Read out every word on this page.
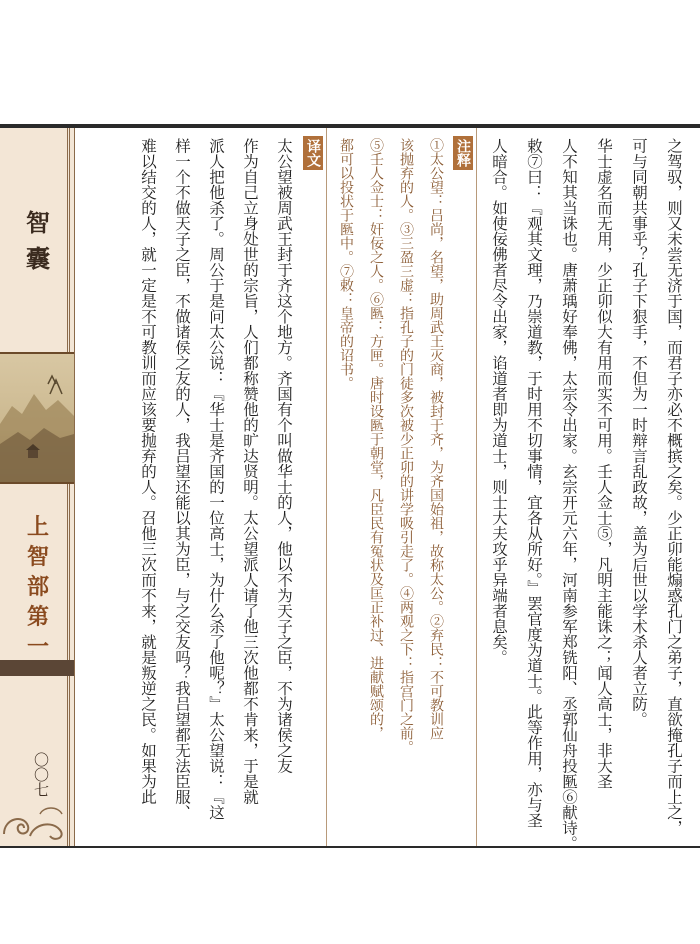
智囊
上智部第一
〇〇七	之驾驭，则又未尝无济于国，而君子亦必不概摈之矣。少正卯能煽惑孔门之弟子，直欲掩孔子而上之，
可与同朝共事乎？孔子下狠手，不但为一时辩言乱政故，盖为后世以学术杀人者立防。
华士虚名而无用，少正卯似大有用而实不可用。壬人佥士⑤，凡明主能诛之；闻人高士，非大圣
人不知其当诛也。唐萧瑀好奉佛，太宗令出家。玄宗开元六年，河南参军郑铣阳、丞郭仙舟投匦⑥献诗。
敕⑦曰：『观其文理，乃崇道教，于时用不切事情，宜各从所好。』罢官度为道士。此等作用，亦与圣
人暗合。如使佞佛者尽令出家，谄道者即为道士，则士大夫攻乎异端者息矣。
注释
①太公望：吕尚，名望，助周武王灭商，被封于齐，为齐国始祖，故称太公。②弃民：不可教训应
该抛弃的人。③三盈三虚：指孔子的门徒多次被少正卯的讲学吸引走了。④两观之下：指宫门之前。
⑤壬人佥士：奸佞之人。⑥匦：方匣。唐时设匦于朝堂，凡臣民有冤状及匡正补过、进献赋颂的，
都可以投状于匦中。⑦敕：皇帝的诏书。
译文
太公望被周武王封于齐这个地方。齐国有个叫做华士的人，他以不为天子之臣，不为诸侯之友
作为自己立身处世的宗旨，人们都称赞他的旷达贤明。太公望派人请了他三次他都不肯来，于是就
派人把他杀了。周公于是问太公说：『华士是齐国的一位高士，为什么杀了他呢？』太公望说：『这
样一个不做天子之臣，不做诸侯之友的人，我吕望还能以其为臣，与之交友吗？我吕望都无法臣服、
难以结交的人，就一定是不可教训而应该要抛弃的人。召他三次而不来，就是叛逆之民。如果为此
